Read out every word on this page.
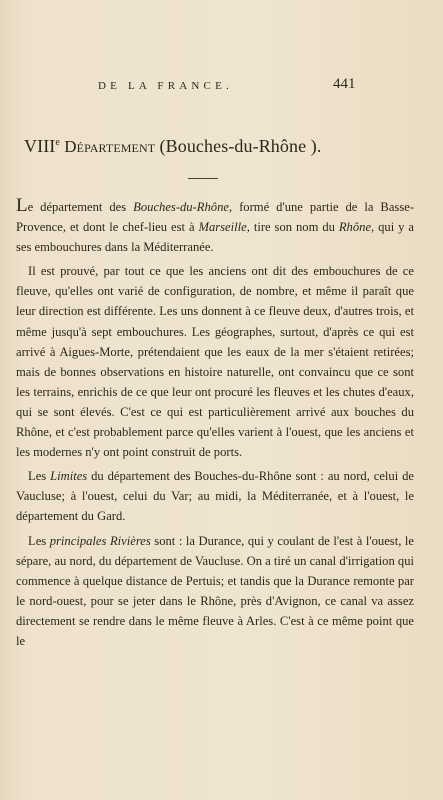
DE LA FRANCE.	441
VIIIe Département (Bouches-du-Rhône ).

Le département des Bouches-du-Rhône, formé d'une partie de la Basse-Provence, et dont le chef-lieu est à Marseille, tire son nom du Rhône, qui y a ses embouchures dans la Méditerranée.

Il est prouvé, par tout ce que les anciens ont dit des embouchures de ce fleuve, qu'elles ont varié de configuration, de nombre, et même il paraît que leur direction est différente. Les uns donnent à ce fleuve deux, d'autres trois, et même jusqu'à sept embouchures. Les géographes, surtout, d'après ce qui est arrivé à Aigues-Morte, prétendaient que les eaux de la mer s'étaient retirées; mais de bonnes observations en histoire naturelle, ont convaincu que ce sont les terrains, enrichis de ce que leur ont procuré les fleuves et les chutes d'eaux, qui se sont élevés. C'est ce qui est particulièrement arrivé aux bouches du Rhône, et c'est probablement parce qu'elles varient à l'ouest, que les anciens et les modernes n'y ont point construit de ports.

Les Limites du département des Bouches-du-Rhône sont : au nord, celui de Vaucluse; à l'ouest, celui du Var; au midi, la Méditerranée, et à l'ouest, le département du Gard.

Les principales Rivières sont : la Durance, qui y coulant de l'est à l'ouest, le sépare, au nord, du département de Vaucluse. On a tiré un canal d'irrigation qui commence à quelque distance de Pertuis; et tandis que la Durance remonte par le nord-ouest, pour se jeter dans le Rhône, près d'Avignon, ce canal va assez directement se rendre dans le même fleuve à Arles. C'est à ce même point que le
